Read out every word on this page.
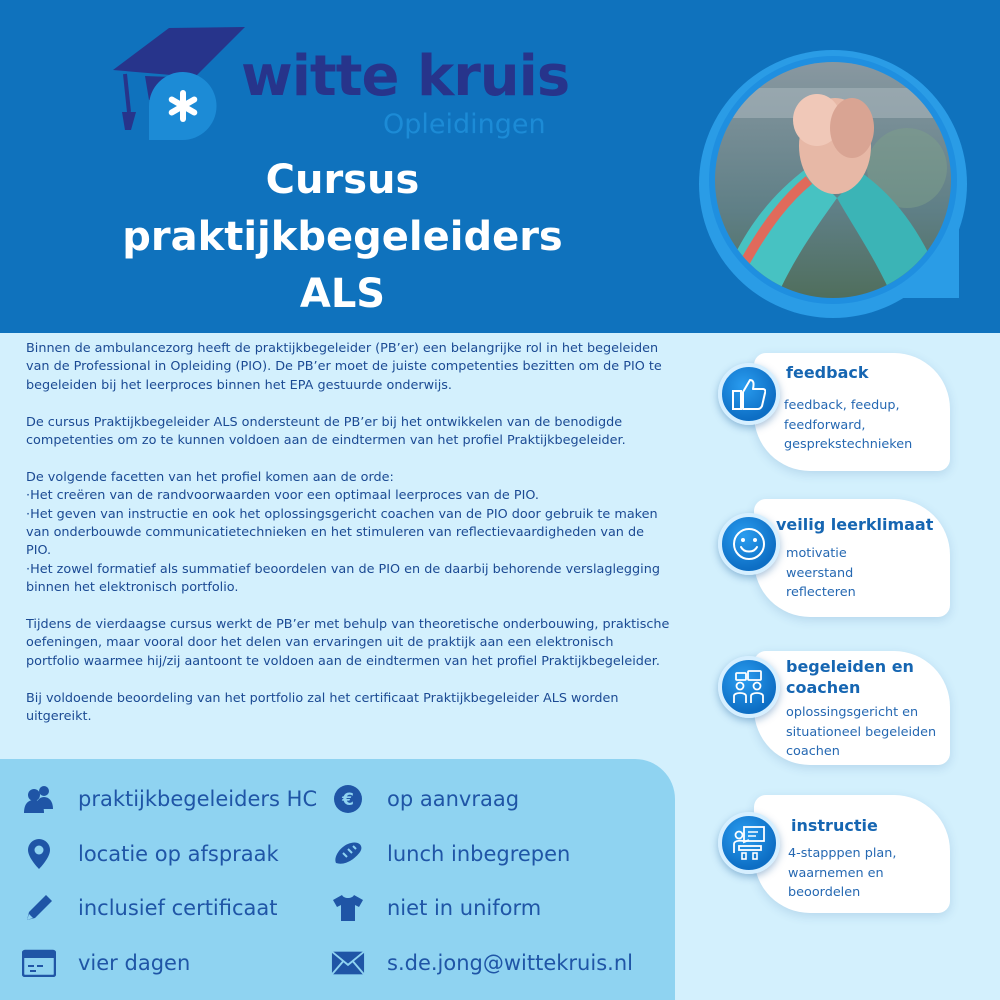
witte kruis
Opleidingen
Cursus
praktijkbegeleiders
ALS

Binnen de ambulancezorg heeft de praktijkbegeleider (PB’er) een belangrijke rol in het begeleiden
van de Professional in Opleiding (PIO). De PB’er moet de juiste competenties bezitten om de PIO te
begeleiden bij het leerproces binnen het EPA gestuurde onderwijs.

De cursus Praktijkbegeleider ALS ondersteunt de PB’er bij het ontwikkelen van de benodigde
competenties om zo te kunnen voldoen aan de eindtermen van het profiel Praktijkbegeleider.

De volgende facetten van het profiel komen aan de orde:
·Het creëren van de randvoorwaarden voor een optimaal leerproces van de PIO.
·Het geven van instructie en ook het oplossingsgericht coachen van de PIO door gebruik te maken
van onderbouwde communicatietechnieken en het stimuleren van reflectievaardigheden van de
PIO.
·Het zowel formatief als summatief beoordelen van de PIO en de daarbij behorende verslaglegging
binnen het elektronisch portfolio.

Tijdens de vierdaagse cursus werkt de PB’er met behulp van theoretische onderbouwing, praktische
oefeningen, maar vooral door het delen van ervaringen uit de praktijk aan een elektronisch
portfolio waarmee hij/zij aantoont te voldoen aan de eindtermen van het profiel Praktijkbegeleider.

Bij voldoende beoordeling van het portfolio zal het certificaat Praktijkbegeleider ALS worden
uitgereikt.

praktijkbegeleiders HC
locatie op afspraak
inclusief certificaat
vier dagen
€ op aanvraag
lunch inbegrepen
niet in uniform
s.de.jong@wittekruis.nl
feedback
feedback, feedup,
feedforward,
gesprekstechnieken
veilig leerklimaat
motivatie
weerstand
reflecteren
begeleiden en
coachen
oplossingsgericht en
situationeel begeleiden
coachen
instructie
4-stapppen plan,
waarnemen en
beoordelen
